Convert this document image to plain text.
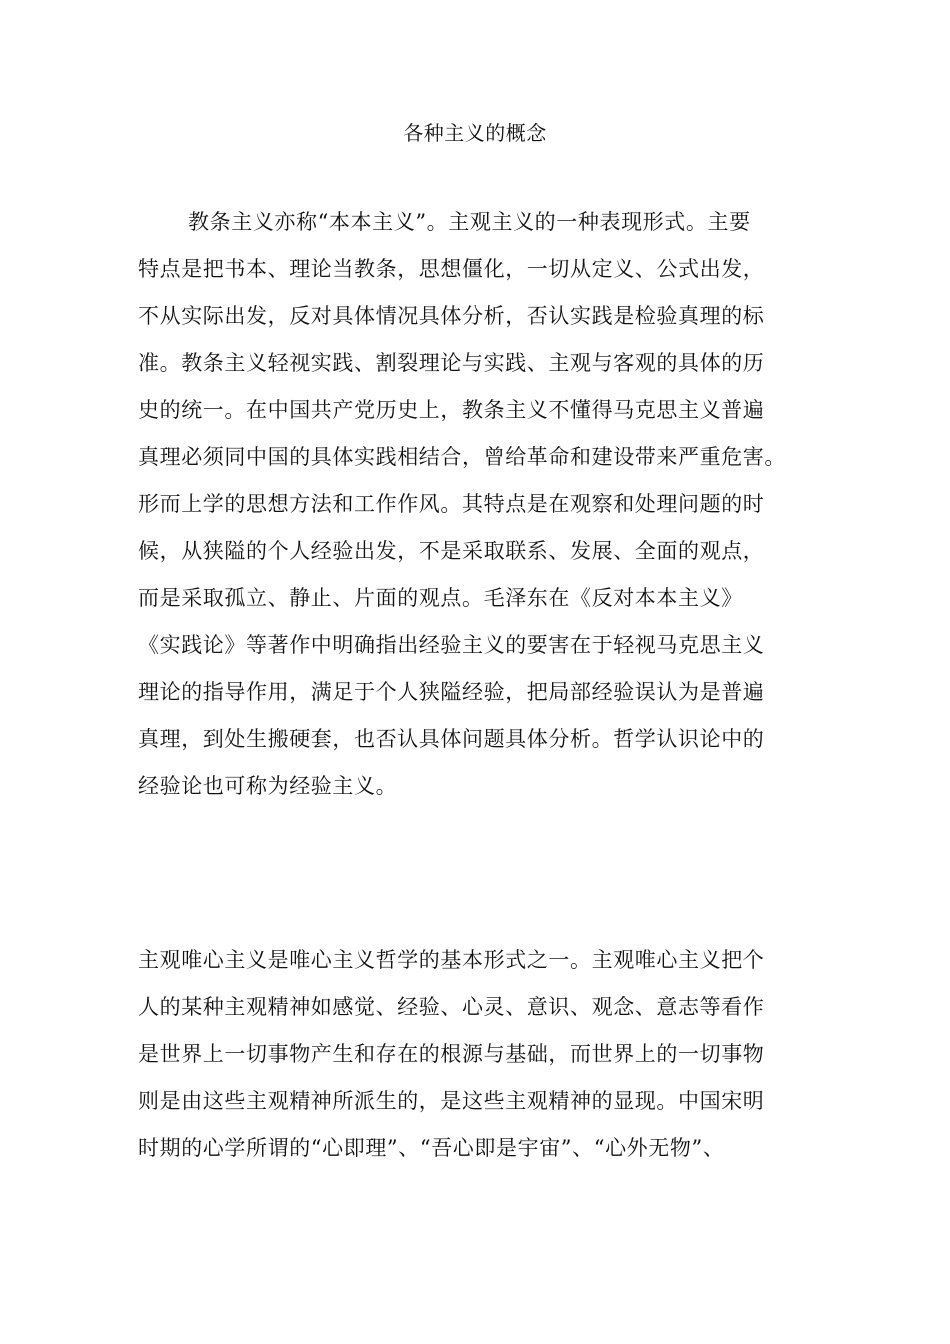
各种主义的概念
教条主义亦称“本本主义”。主观主义的一种表现形式。主要
特点是把书本、理论当教条，思想僵化，一切从定义、公式出发，
不从实际出发，反对具体情况具体分析，否认实践是检验真理的标
准。教条主义轻视实践、割裂理论与实践、主观与客观的具体的历
史的统一。在中国共产党历史上，教条主义不懂得马克思主义普遍
真理必须同中国的具体实践相结合，曾给革命和建设带来严重危害。
形而上学的思想方法和工作作风。其特点是在观察和处理问题的时
候，从狭隘的个人经验出发，不是采取联系、发展、全面的观点，
而是采取孤立、静止、片面的观点。毛泽东在《反对本本主义》
《实践论》等著作中明确指出经验主义的要害在于轻视马克思主义
理论的指导作用，满足于个人狭隘经验，把局部经验误认为是普遍
真理，到处生搬硬套，也否认具体问题具体分析。哲学认识论中的
经验论也可称为经验主义。
主观唯心主义是唯心主义哲学的基本形式之一。主观唯心主义把个
人的某种主观精神如感觉、经验、心灵、意识、观念、意志等看作
是世界上一切事物产生和存在的根源与基础，而世界上的一切事物
则是由这些主观精神所派生的，是这些主观精神的显现。中国宋明
时期的心学所谓的“心即理”、“吾心即是宇宙”、“心外无物”、
